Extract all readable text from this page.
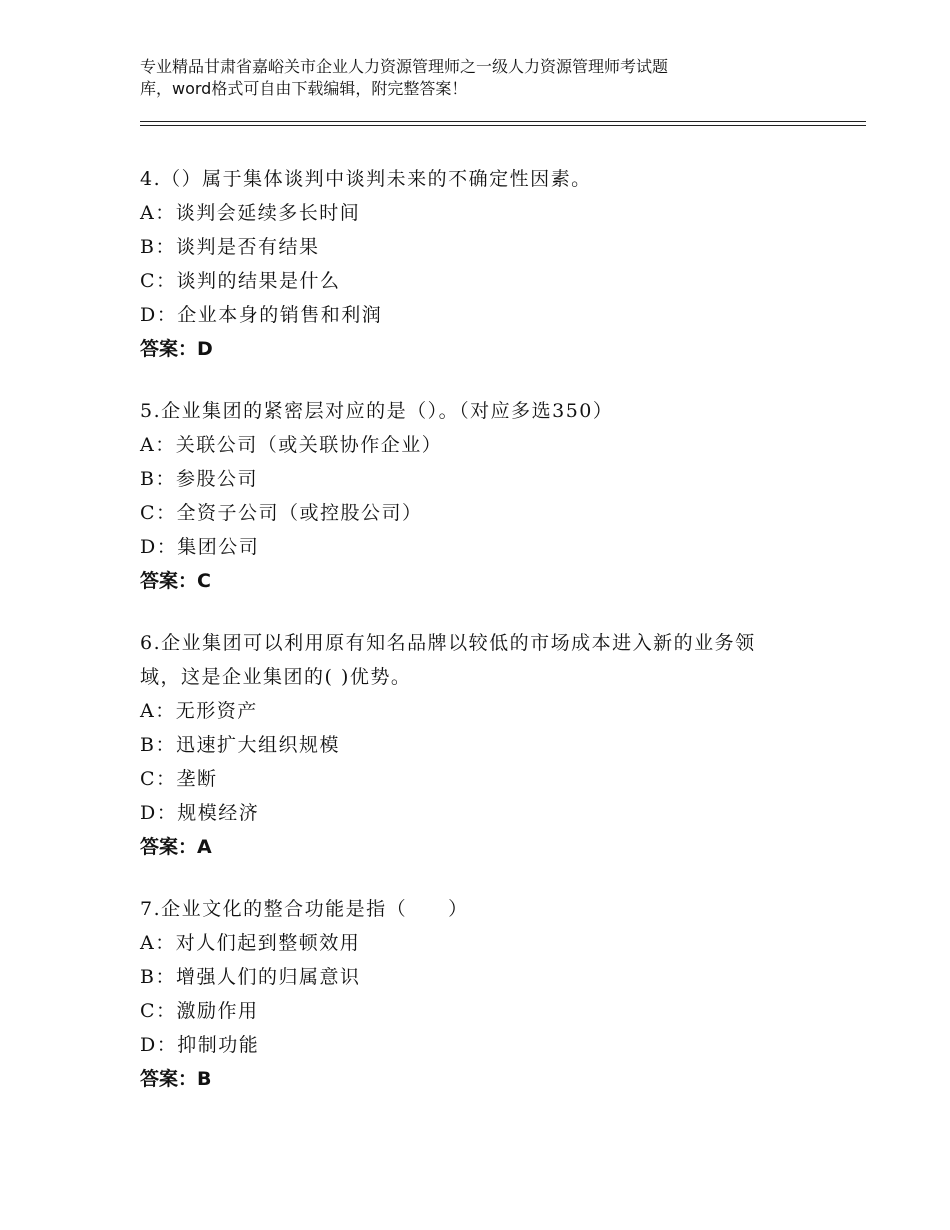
专业精品甘肃省嘉峪关市企业人力资源管理师之一级人力资源管理师考试题
库，word格式可自由下载编辑，附完整答案！

4.（）属于集体谈判中谈判未来的不确定性因素。

A：谈判会延续多长时间

B：谈判是否有结果

C：谈判的结果是什么

D：企业本身的销售和利润

答案：D

5.企业集团的紧密层对应的是（）。（对应多选350）

A：关联公司（或关联协作企业）

B：参股公司

C：全资子公司（或控股公司）

D：集团公司

答案：C

6.企业集团可以利用原有知名品牌以较低的市场成本进入新的业务领

域，这是企业集团的( )优势。

A：无形资产

B：迅速扩大组织规模

C：垄断

D：规模经济

答案：A

7.企业文化的整合功能是指（　　）

A：对人们起到整顿效用

B：增强人们的归属意识

C：激励作用

D：抑制功能

答案：B
